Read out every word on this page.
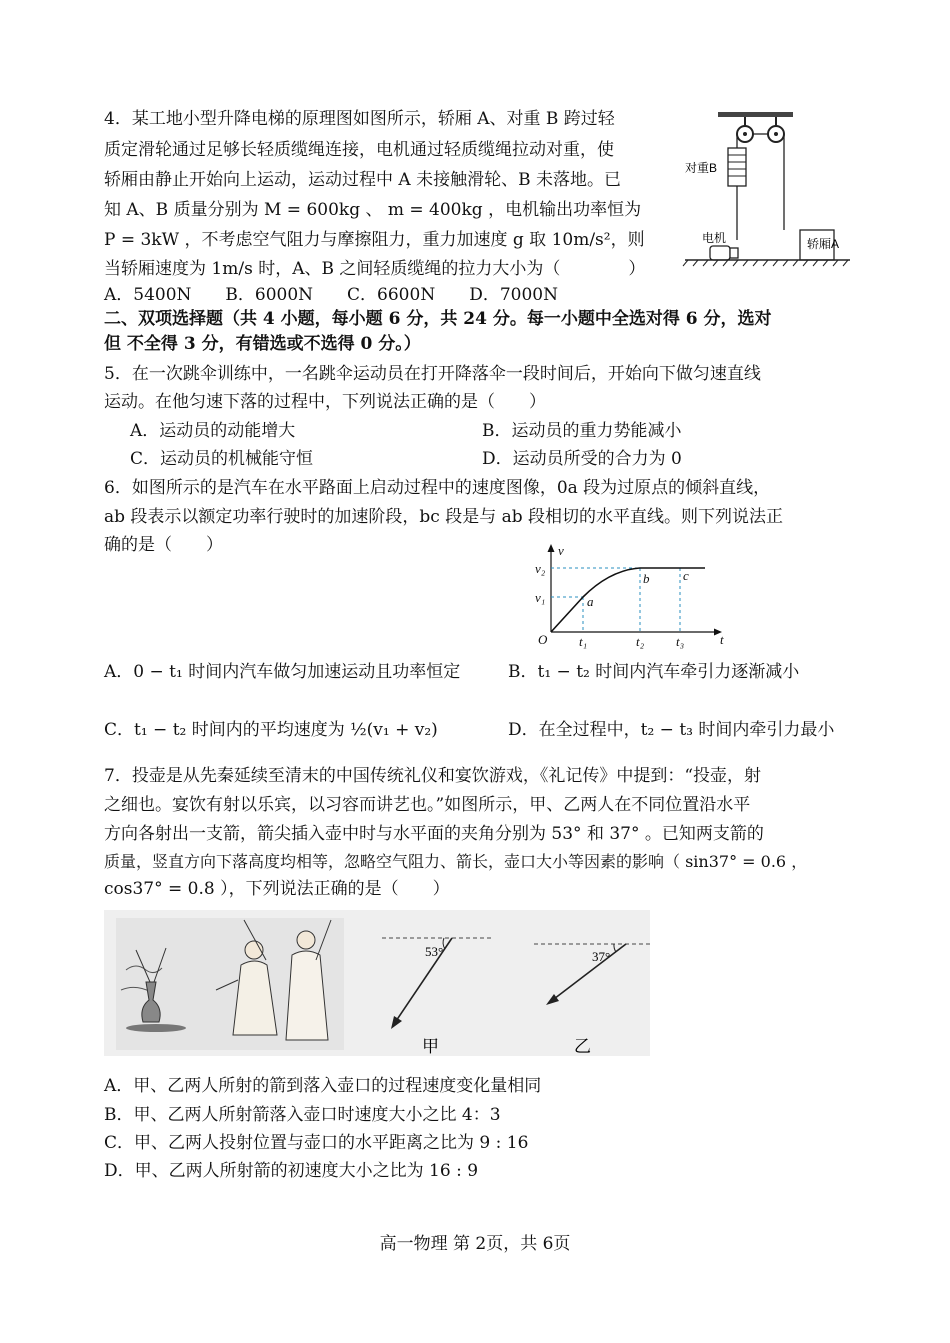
4．某工地小型升降电梯的原理图如图所示，轿厢 A、对重 B 跨过轻
质定滑轮通过足够长轻质缆绳连接，电机通过轻质缆绳拉动对重，使
轿厢由静止开始向上运动，运动过程中 A 未接触滑轮、B 未落地。已
知 A、B 质量分别为 M = 600kg 、 m = 400kg ，电机输出功率恒为
P = 3kW ，不考虑空气阻力与摩擦阻力，重力加速度 g 取 10m/s²，则
当轿厢速度为 1m/s 时，A、B 之间轻质缆绳的拉力大小为（　　　　）
A．5400N　　B．6000N　　C．6600N　　D．7000N
对重B
电机	轿厢A
二、双项选择题（共 4 小题，每小题 6 分，共 24 分。每一小题中全选对得 6 分，选对
但 不全得 3 分，有错选或不选得 0 分。）
5．在一次跳伞训练中，一名跳伞运动员在打开降落伞一段时间后，开始向下做匀速直线
运动。在他匀速下落的过程中，下列说法正确的是（　　）
A．运动员的动能增大	B．运动员的重力势能减小
C．运动员的机械能守恒	D．运动员所受的合力为 0
6．如图所示的是汽车在水平路面上启动过程中的速度图像，0a 段为过原点的倾斜直线，
ab 段表示以额定功率行驶时的加速阶段，bc 段是与 ab 段相切的水平直线。则下列说法正
确的是（　　）	v
t
O
v₂
v₁	a
b	c
t₁	t₂ t₃
A．0 − t₁ 时间内汽车做匀加速运动且功率恒定	B．t₁ − t₂ 时间内汽车牵引力逐渐减小
C．t₁ − t₂ 时间内的平均速度为 ½(v₁ + v₂)	D．在全过程中，t₂ − t₃ 时间内牵引力最小
7．投壶是从先秦延续至清末的中国传统礼仪和宴饮游戏，《礼记传》中提到：“投壶，射
之细也。宴饮有射以乐宾，以习容而讲艺也。”如图所示，甲、乙两人在不同位置沿水平
方向各射出一支箭，箭尖插入壶中时与水平面的夹角分别为 53° 和 37° 。已知两支箭的
质量，竖直方向下落高度均相等，忽略空气阻力、箭长，壶口大小等因素的影响（ sin37° = 0.6 ，
cos37° = 0.8 ），下列说法正确的是（　　）
53°
甲
37°
乙
A．甲、乙两人所射的箭到落入壶口的过程速度变化量相同
B．甲、乙两人所射箭落入壶口时速度大小之比 4：3
C．甲、乙两人投射位置与壶口的水平距离之比为 9 : 16
D．甲、乙两人所射箭的初速度大小之比为 16 : 9
高一物理 第 2页，共 6页
